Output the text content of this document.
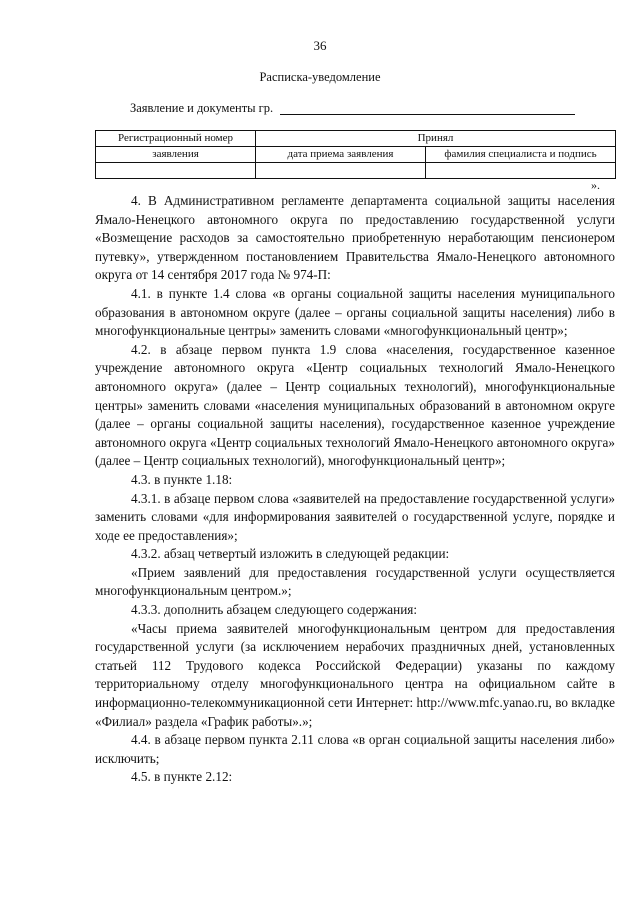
36
Расписка-уведомление
Заявление и документы гр.
Регистрационный номер	Принял	
заявления	дата приема заявления	фамилия специалиста и подпись

».

4. В Административном регламенте департамента социальной защиты населения Ямало-Ненецкого автономного округа по предоставлению государственной услуги «Возмещение расходов за самостоятельно приобретенную неработающим пенсионером путевку», утвержденном постановлением Правительства Ямало-Ненецкого автономного округа от 14 сентября 2017 года № 974-П:

4.1. в пункте 1.4 слова «в органы социальной защиты населения муниципального образования в автономном округе (далее – органы социальной защиты населения) либо в многофункциональные центры» заменить словами «многофункциональный центр»;

4.2. в абзаце первом пункта 1.9 слова «населения, государственное казенное учреждение автономного округа «Центр социальных технологий Ямало-Ненецкого автономного округа» (далее – Центр социальных технологий), многофункциональные центры» заменить словами «населения муниципальных образований в автономном округе (далее – органы социальной защиты населения), государственное казенное учреждение автономного округа «Центр социальных технологий Ямало-Ненецкого автономного округа» (далее – Центр социальных технологий), многофункциональный центр»;

4.3. в пункте 1.18:

4.3.1. в абзаце первом слова «заявителей на предоставление государственной услуги» заменить словами «для информирования заявителей о государственной услуге, порядке и ходе ее предоставления»;

4.3.2. абзац четвертый изложить в следующей редакции:

«Прием заявлений для предоставления государственной услуги осуществляется многофункциональным центром.»;

4.3.3. дополнить абзацем следующего содержания:

«Часы приема заявителей многофункциональным центром для предоставления государственной услуги (за исключением нерабочих праздничных дней, установленных статьей 112 Трудового кодекса Российской Федерации) указаны по каждому территориальному отделу многофункционального центра на официальном сайте в информационно-телекоммуникационной сети Интернет: http://www.mfc.yanao.ru, во вкладке «Филиал» раздела «График работы».»;

4.4. в абзаце первом пункта 2.11 слова «в орган социальной защиты населения либо» исключить;

4.5. в пункте 2.12:
